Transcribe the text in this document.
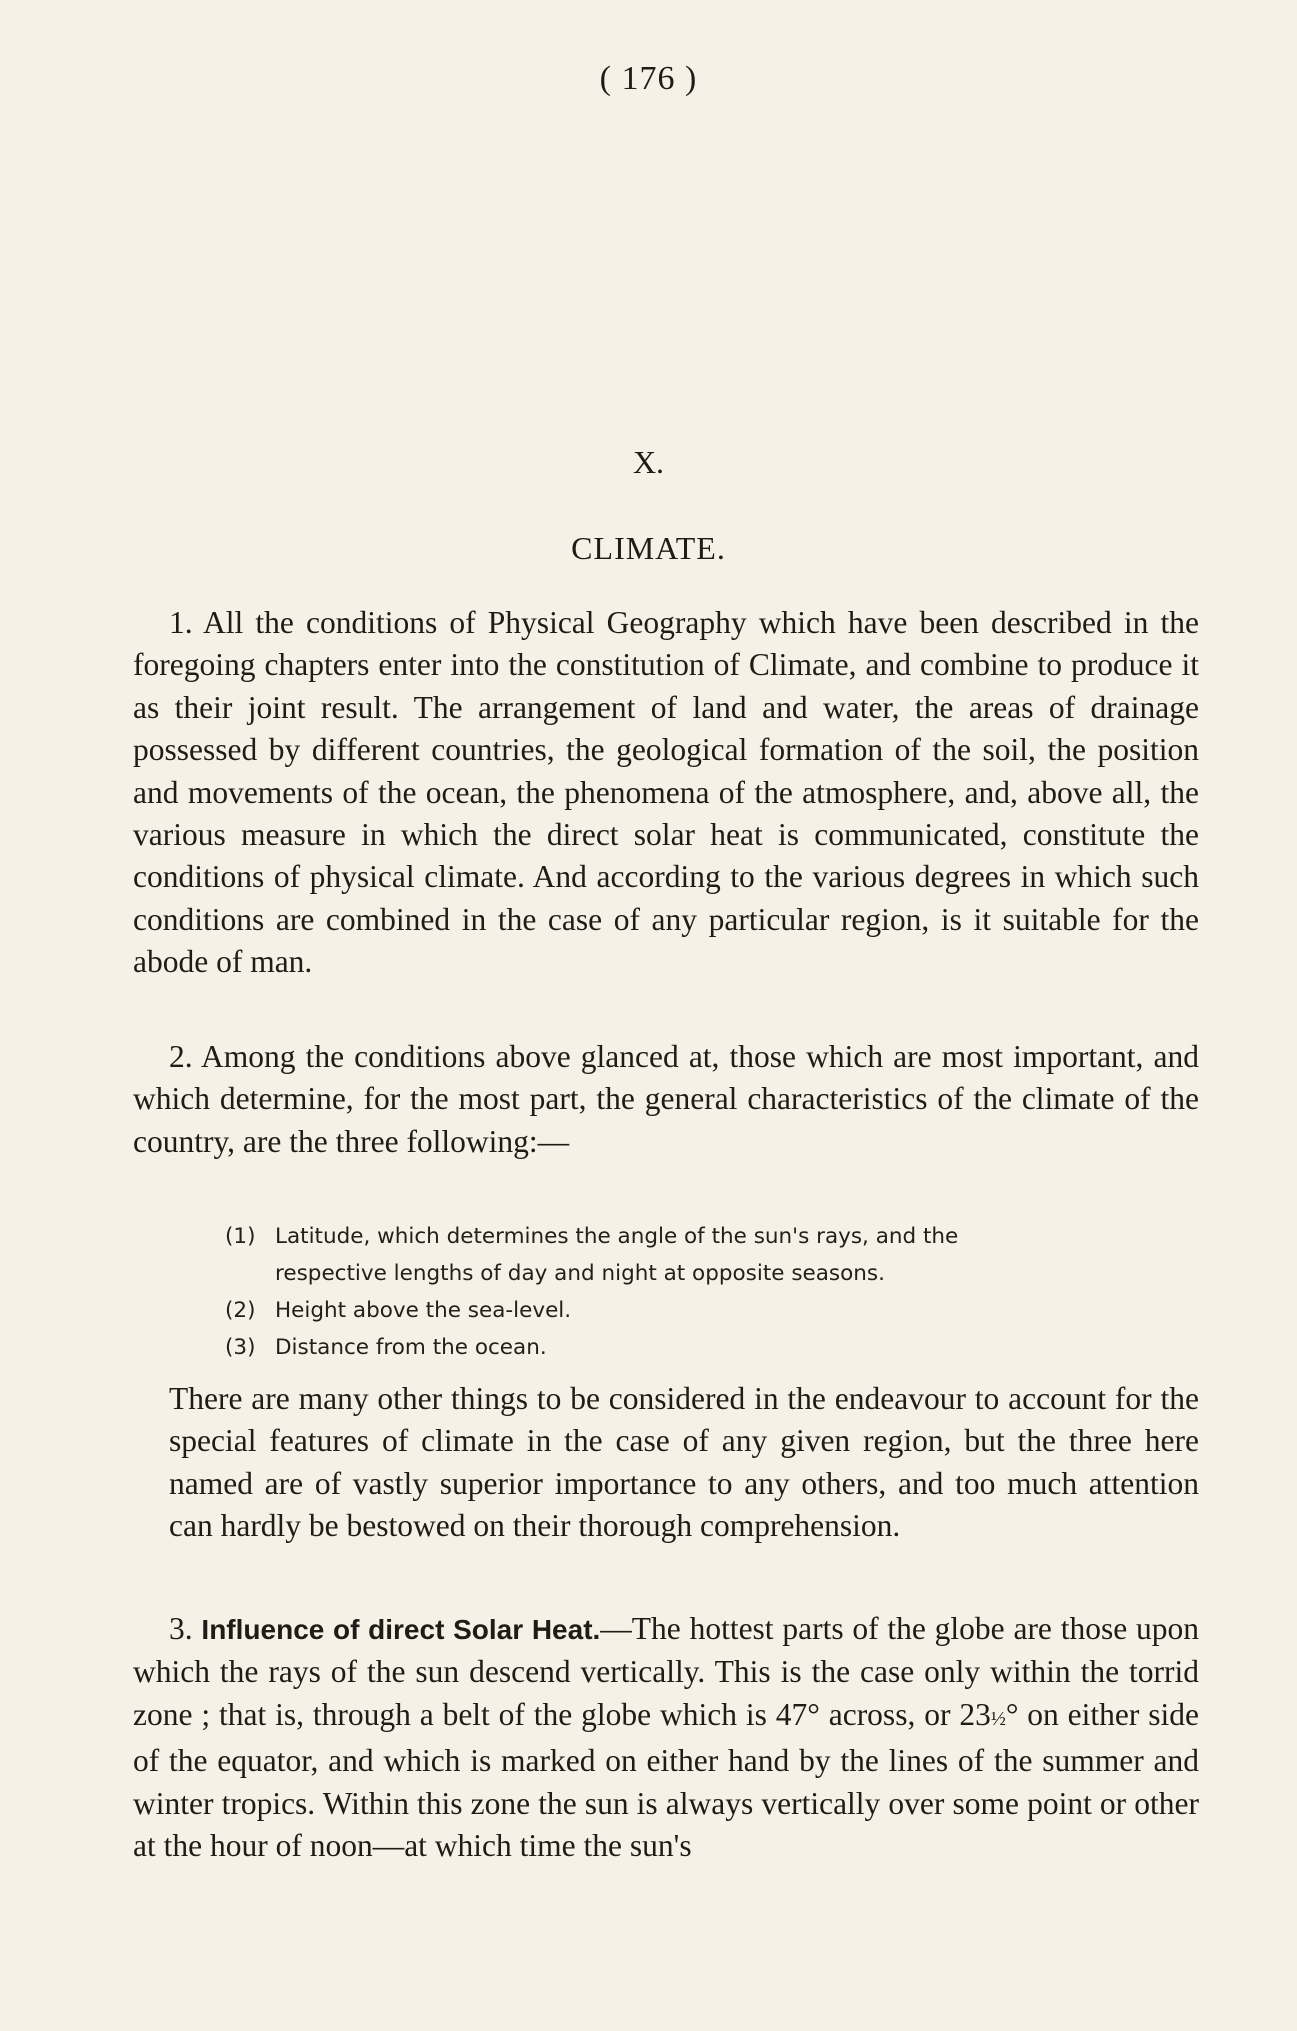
( 176 )
X.
CLIMATE.
1. All the conditions of Physical Geography which have been described in the foregoing chapters enter into the constitution of Climate, and combine to produce it as their joint result. The arrangement of land and water, the areas of drainage possessed by different countries, the geological formation of the soil, the position and movements of the ocean, the phenomena of the atmosphere, and, above all, the various measure in which the direct solar heat is communicated, constitute the conditions of physical climate. And according to the various degrees in which such conditions are combined in the case of any particular region, is it suitable for the abode of man.
2. Among the conditions above glanced at, those which are most important, and which determine, for the most part, the general characteristics of the climate of the country, are the three following:—
(1) Latitude, which determines the angle of the sun's rays, and the
respective lengths of day and night at opposite seasons.
(2) Height above the sea-level.
(3) Distance from the ocean.
There are many other things to be considered in the endeavour to account for the special features of climate in the case of any given region, but the three here named are of vastly superior importance to any others, and too much attention can hardly be bestowed on their thorough comprehension.
3. Influence of direct Solar Heat.—The hottest parts of the globe are those upon which the rays of the sun descend vertically. This is the case only within the torrid zone ; that is, through a belt of the globe which is 47° across, or 23½° on either side of the equator, and which is marked on either hand by the lines of the summer and winter tropics. Within this zone the sun is always vertically over some point or other at the hour of noon—at which time the sun's
